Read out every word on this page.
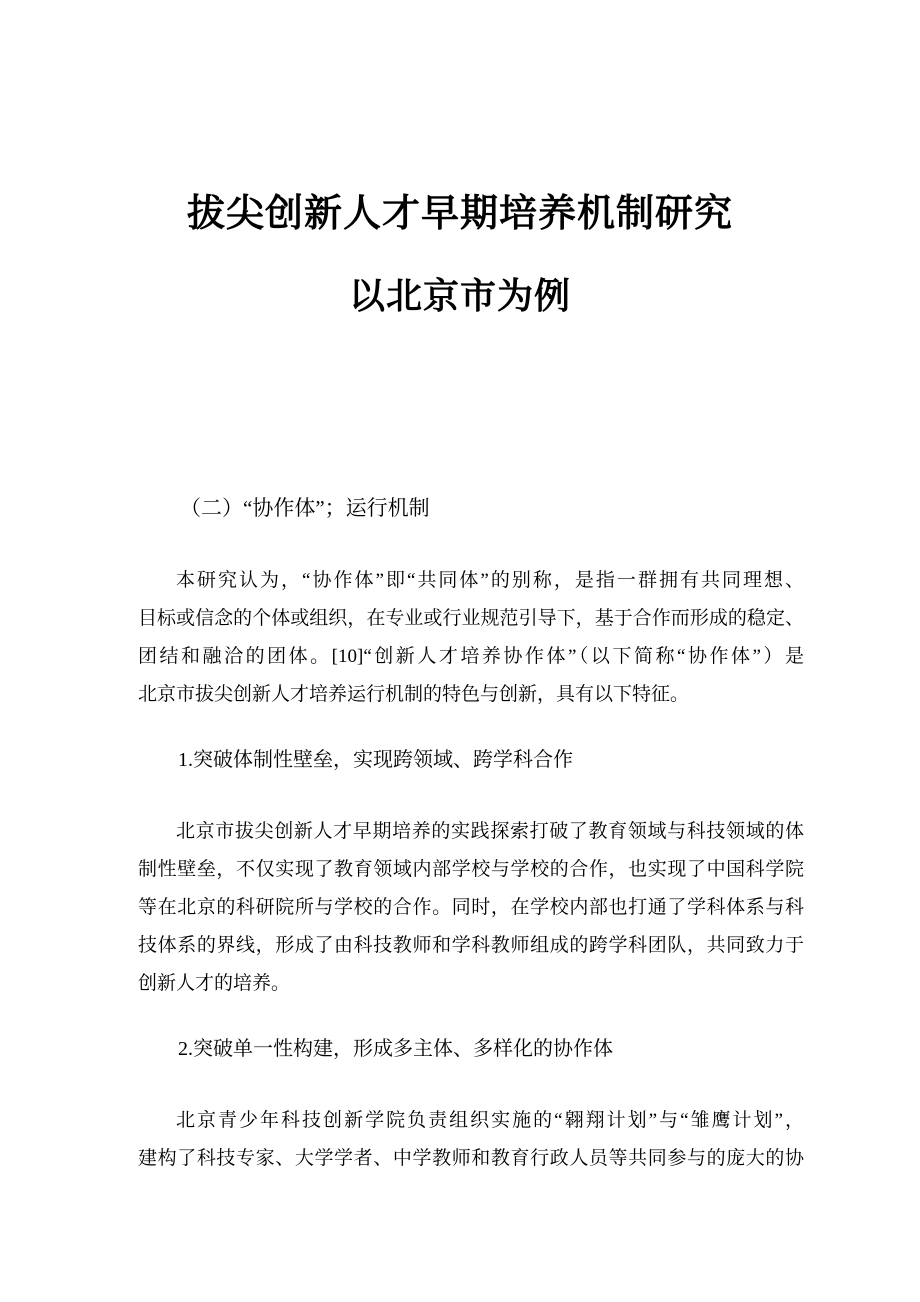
拔尖创新人才早期培养机制研究
以北京市为例
（二）“协作体”；运行机制
本研究认为，“协作体”即“共同体”的别称，是指一群拥有共同理想、
目标或信念的个体或组织，在专业或行业规范引导下，基于合作而形成的稳定、
团结和融洽的团体。[10]“创新人才培养协作体”（以下简称“协作体”）是
北京市拔尖创新人才培养运行机制的特色与创新，具有以下特征。
1.突破体制性壁垒，实现跨领域、跨学科合作
北京市拔尖创新人才早期培养的实践探索打破了教育领域与科技领域的体
制性壁垒，不仅实现了教育领域内部学校与学校的合作，也实现了中国科学院
等在北京的科研院所与学校的合作。同时，在学校内部也打通了学科体系与科
技体系的界线，形成了由科技教师和学科教师组成的跨学科团队，共同致力于
创新人才的培养。
2.突破单一性构建，形成多主体、多样化的协作体
北京青少年科技创新学院负责组织实施的“翱翔计划”与“雏鹰计划”，
建构了科技专家、大学学者、中学教师和教育行政人员等共同参与的庞大的协
